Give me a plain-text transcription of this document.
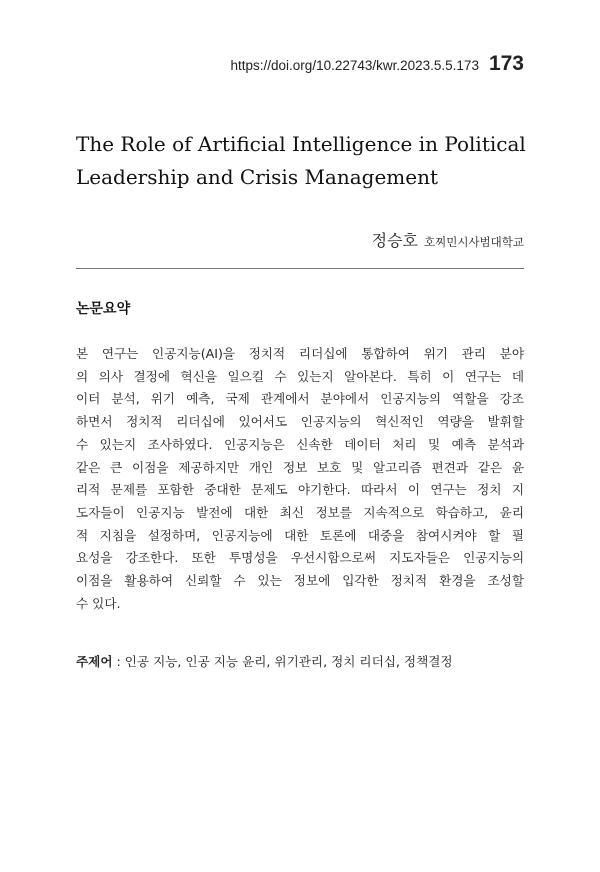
https://doi.org/10.22743/kwr.2023.5.5.173 173
The Role of Artificial Intelligence in Political
Leadership and Crisis Management
정승호 호찌민시사범대학교
논문요약
본 연구는 인공지능(AI)을 정치적 리더십에 통합하여 위기 관리 분야
의 의사 결정에 혁신을 일으킬 수 있는지 알아본다. 특히 이 연구는 데
이터 분석, 위기 예측, 국제 관계에서 분야에서 인공지능의 역할을 강조
하면서 정치적 리더십에 있어서도 인공지능의 혁신적인 역량을 발휘할
수 있는지 조사하였다. 인공지능은 신속한 데이터 처리 및 예측 분석과
같은 큰 이점을 제공하지만 개인 정보 보호 및 알고리즘 편견과 같은 윤
리적 문제를 포함한 중대한 문제도 야기한다. 따라서 이 연구는 정치 지
도자들이 인공지능 발전에 대한 최신 정보를 지속적으로 학습하고, 윤리
적 지침을 설정하며, 인공지능에 대한 토론에 대중을 참여시켜야 할 필
요성을 강조한다. 또한 투명성을 우선시함으로써 지도자들은 인공지능의
이점을 활용하여 신뢰할 수 있는 정보에 입각한 정치적 환경을 조성할
수 있다.
주제어 : 인공 지능, 인공 지능 윤리, 위기관리, 정치 리더십, 정책결정
